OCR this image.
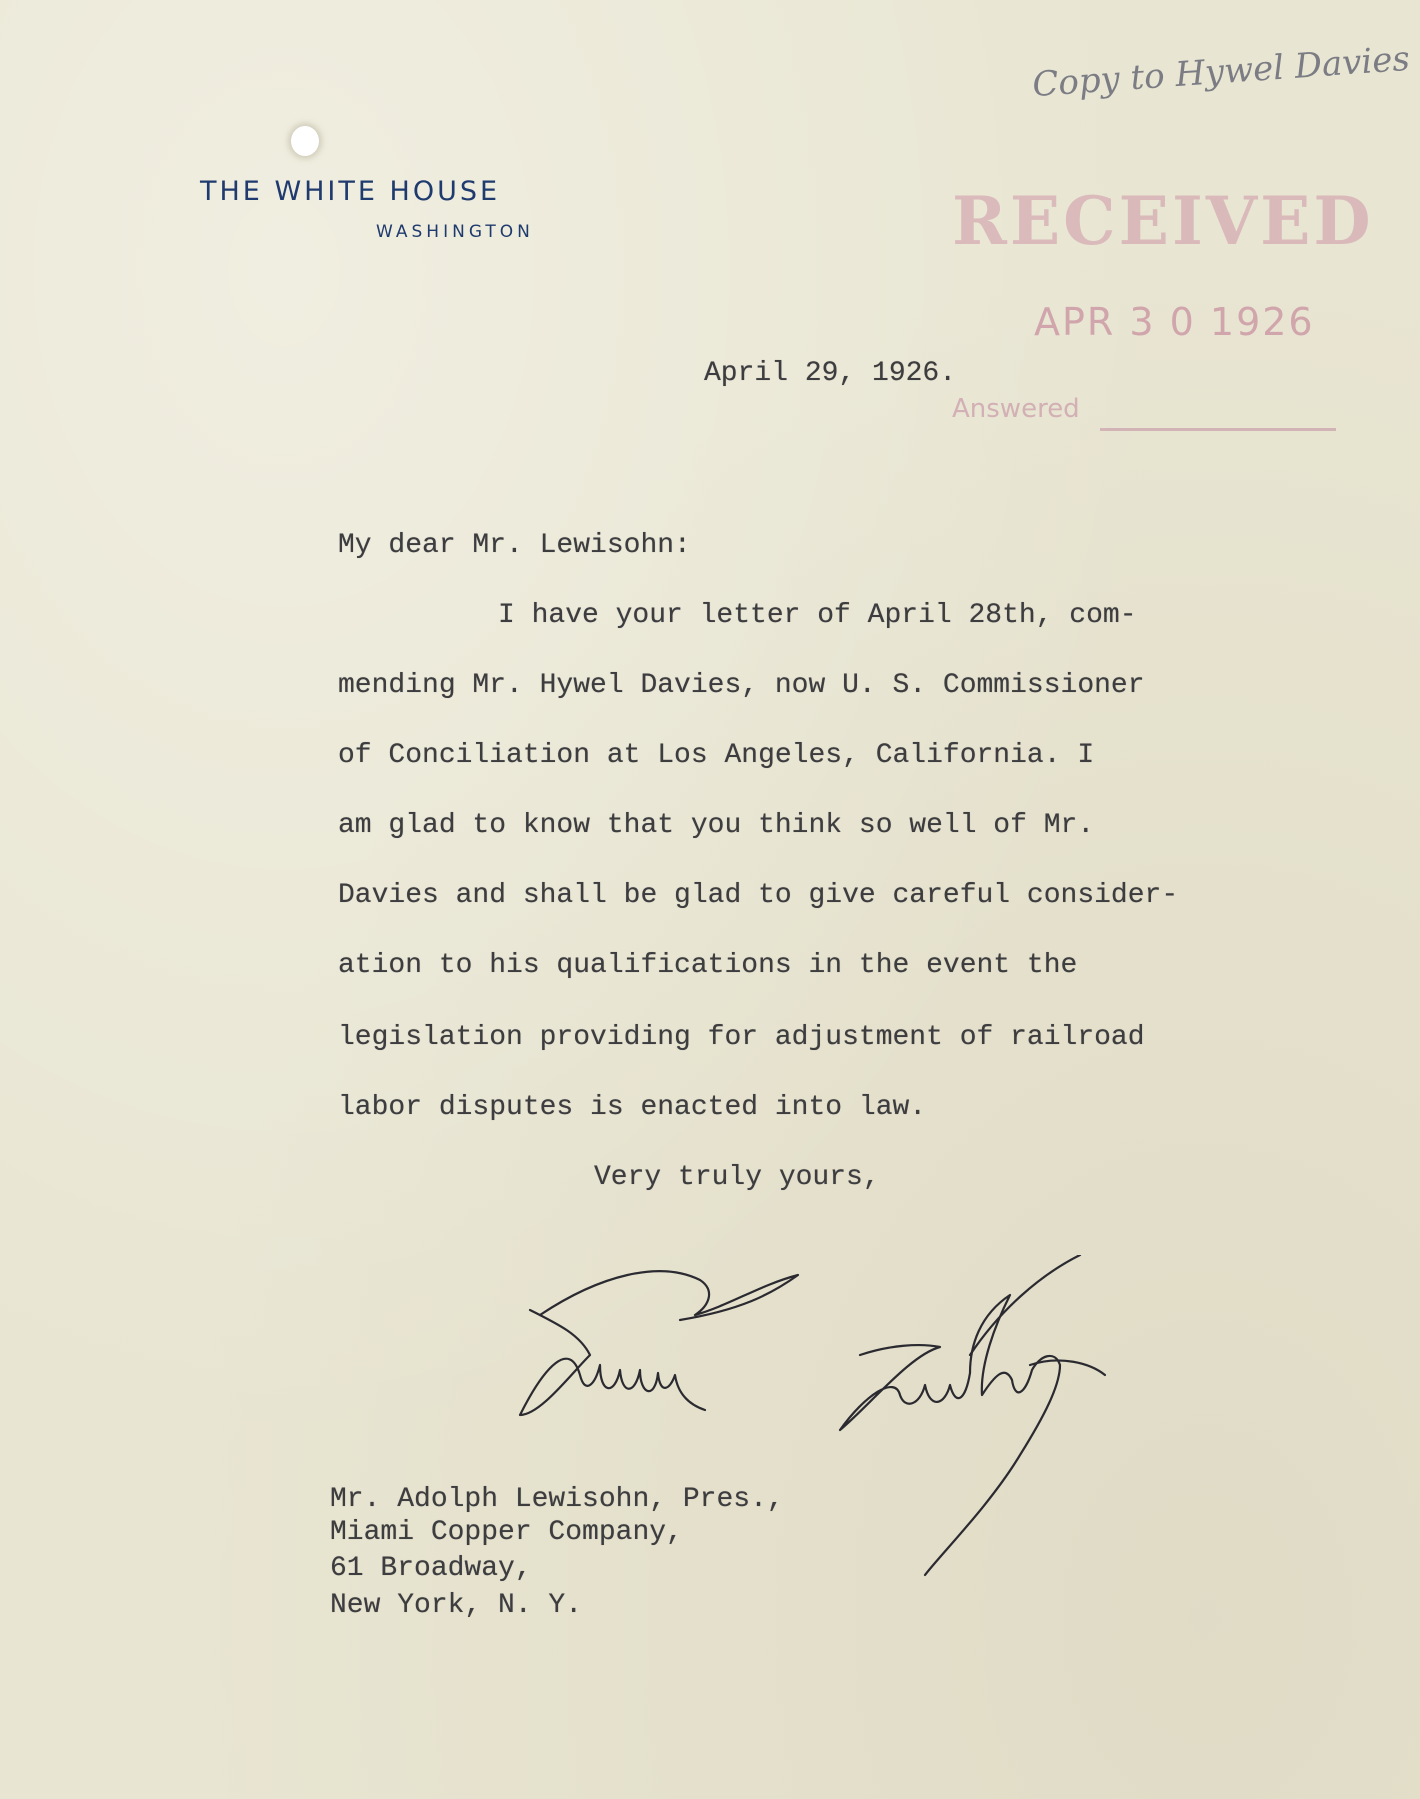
THE WHITE HOUSE
WASHINGTON
Copy to Hywel Davies
RECEIVED
APR 3 0 1926
Answered
April 29, 1926.
My dear Mr. Lewisohn:
I have your letter of April 28th, com-
mending Mr. Hywel Davies, now U. S. Commissioner
of Conciliation at Los Angeles, California. I
am glad to know that you think so well of Mr.
Davies and shall be glad to give careful consider-
ation to his qualifications in the event the
legislation providing for adjustment of railroad
labor disputes is enacted into law.
Very truly yours,
Mr. Adolph Lewisohn, Pres.,
Miami Copper Company,
61 Broadway,
New York, N. Y.
